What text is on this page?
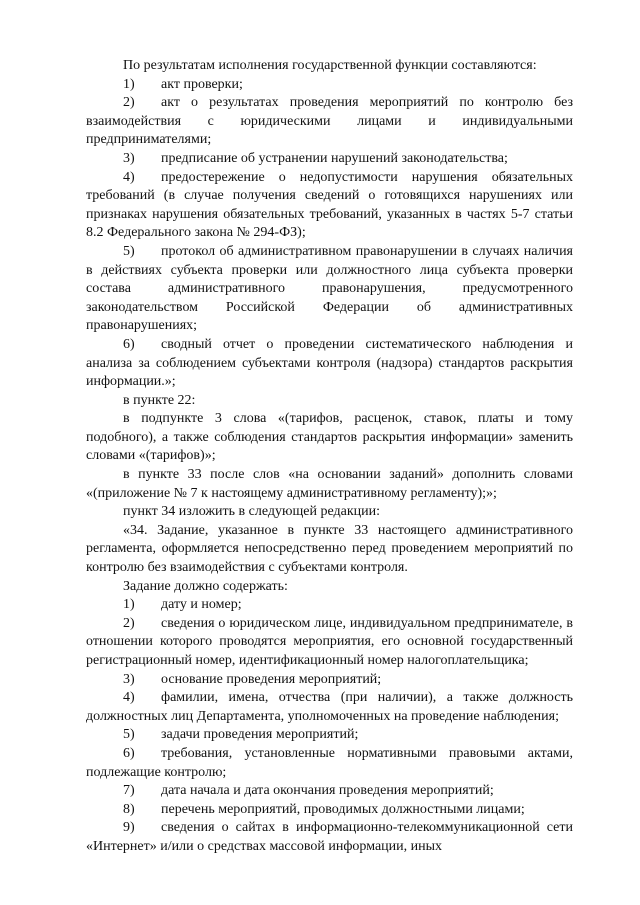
По результатам исполнения государственной функции составляются:

1) акт проверки;

2) акт о результатах проведения мероприятий по контролю без взаимодействия с юридическими лицами и индивидуальными предпринимателями;

3) предписание об устранении нарушений законодательства;

4) предостережение о недопустимости нарушения обязательных требований (в случае получения сведений о готовящихся нарушениях или признаках нарушения обязательных требований, указанных в частях 5-7 статьи 8.2 Федерального закона № 294-ФЗ);

5) протокол об административном правонарушении в случаях наличия в действиях субъекта проверки или должностного лица субъекта проверки состава административного правонарушения, предусмотренного законодательством Российской Федерации об административных правонарушениях;

6) сводный отчет о проведении систематического наблюдения и анализа за соблюдением субъектами контроля (надзора) стандартов раскрытия информации.»;

в пункте 22:

в подпункте 3 слова «(тарифов, расценок, ставок, платы и тому подобного), а также соблюдения стандартов раскрытия информации» заменить словами «(тарифов)»;

в пункте 33 после слов «на основании заданий» дополнить словами «(приложение № 7 к настоящему административному регламенту);»;

пункт 34 изложить в следующей редакции:

«34. Задание, указанное в пункте 33 настоящего административного регламента, оформляется непосредственно перед проведением мероприятий по контролю без взаимодействия с субъектами контроля.

Задание должно содержать:

1) дату и номер;

2) сведения о юридическом лице, индивидуальном предпринимателе, в отношении которого проводятся мероприятия, его основной государственный регистрационный номер, идентификационный номер налогоплательщика;

3) основание проведения мероприятий;

4) фамилии, имена, отчества (при наличии), а также должность должностных лиц Департамента, уполномоченных на проведение наблюдения;

5) задачи проведения мероприятий;

6) требования, установленные нормативными правовыми актами, подлежащие контролю;

7) дата начала и дата окончания проведения мероприятий;

8) перечень мероприятий, проводимых должностными лицами;

9) сведения о сайтах в информационно-телекоммуникационной сети «Интернет» и/или о средствах массовой информации, иных
